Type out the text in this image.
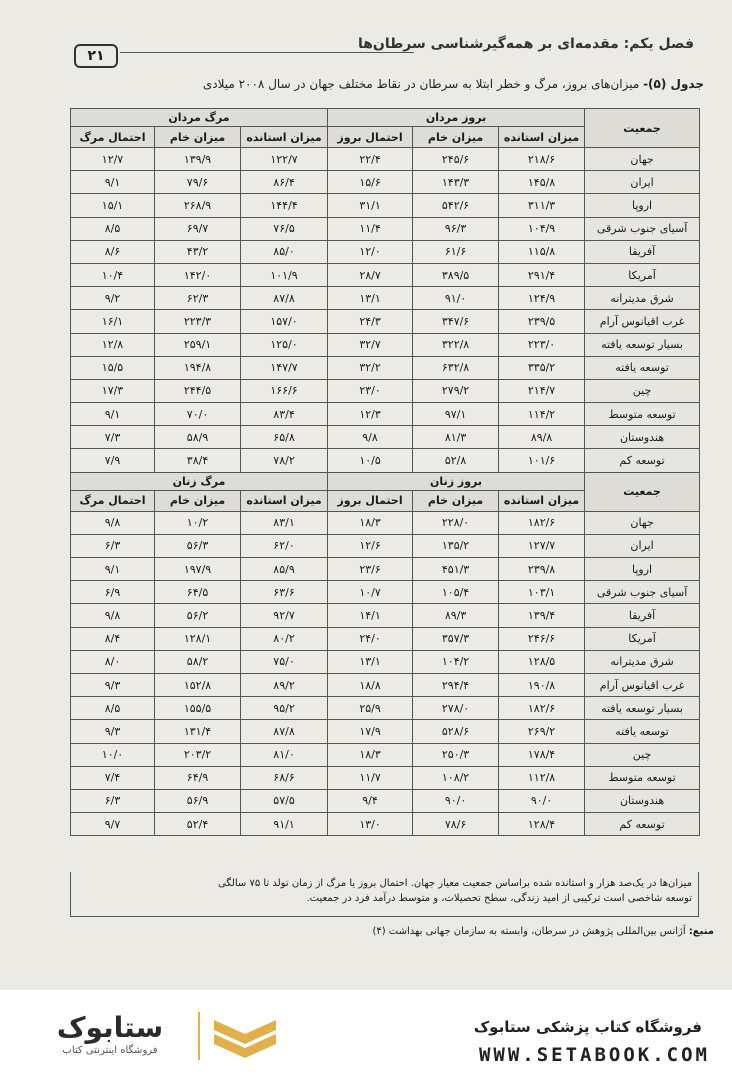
فصل یکم: مقدمه‌ای بر همه‌گیرشناسی سرطان‌ها
۲۱
جدول (۵)- میزان‌های بروز، مرگ و خطر ابتلا به سرطان در نقاط مختلف جهان در سال ۲۰۰۸ میلادی
جمعیت	بروز مردان			مرگ مردان		
	میزان استانده	میزان خام	احتمال بروز	میزان استانده	میزان خام	احتمال مرگ
جهان	۲۱۸/۶	۲۴۵/۶	۲۲/۴	۱۲۲/۷	۱۳۹/۹	۱۲/۷
ایران	۱۴۵/۸	۱۴۳/۳	۱۵/۶	۸۶/۴	۷۹/۶	۹/۱
اروپا	۳۱۱/۳	۵۴۲/۶	۳۱/۱	۱۴۴/۴	۲۶۸/۹	۱۵/۱
آسیای جنوب شرقی	۱۰۴/۹	۹۶/۳	۱۱/۴	۷۶/۵	۶۹/۷	۸/۵
آفریقا	۱۱۵/۸	۶۱/۶	۱۲/۰	۸۵/۰	۴۳/۲	۸/۶
آمریکا	۲۹۱/۴	۳۸۹/۵	۲۸/۷	۱۰۱/۹	۱۴۲/۰	۱۰/۴
شرق مدیترانه	۱۲۴/۹	۹۱/۰	۱۳/۱	۸۷/۸	۶۲/۳	۹/۲
غرب اقیانوس آرام	۲۳۹/۵	۳۴۷/۶	۲۴/۳	۱۵۷/۰	۲۲۳/۳	۱۶/۱
بسیار توسعه یافته	۲۲۳/۰	۳۲۲/۸	۳۲/۷	۱۲۵/۰	۲۵۹/۱	۱۲/۸
توسعه یافته	۳۳۵/۲	۶۳۲/۸	۳۲/۲	۱۴۷/۷	۱۹۴/۸	۱۵/۵
چین	۲۱۴/۷	۲۷۹/۲	۲۳/۰	۱۶۶/۶	۲۴۴/۵	۱۷/۳
توسعه متوسط	۱۱۴/۲	۹۷/۱	۱۲/۳	۸۳/۴	۷۰/۰	۹/۱
هندوستان	۸۹/۸	۸۱/۳	۹/۸	۶۵/۸	۵۸/۹	۷/۳
توسعه کم	۱۰۱/۶	۵۲/۸	۱۰/۵	۷۸/۲	۳۸/۴	۷/۹
جمعیت	بروز زنان			مرگ زنان		
	میزان استانده	میزان خام	احتمال بروز	میزان استانده	میزان خام	احتمال مرگ
جهان	۱۸۲/۶	۲۲۸/۰	۱۸/۳	۸۳/۱	۱۰/۲	۹/۸
ایران	۱۲۷/۷	۱۳۵/۲	۱۲/۶	۶۲/۰	۵۶/۳	۶/۳
اروپا	۲۳۹/۸	۴۵۱/۳	۲۳/۶	۸۵/۹	۱۹۷/۹	۹/۱
آسیای جنوب شرقی	۱۰۳/۱	۱۰۵/۴	۱۰/۷	۶۳/۶	۶۴/۵	۶/۹
آفریقا	۱۳۹/۴	۸۹/۳	۱۴/۱	۹۲/۷	۵۶/۲	۹/۸
آمریکا	۲۴۶/۶	۳۵۷/۳	۲۴/۰	۸۰/۲	۱۲۸/۱	۸/۴
شرق مدیترانه	۱۲۸/۵	۱۰۴/۲	۱۳/۱	۷۵/۰	۵۸/۲	۸/۰
غرب اقیانوس آرام	۱۹۰/۸	۲۹۴/۴	۱۸/۸	۸۹/۲	۱۵۲/۸	۹/۳
بسیار توسعه یافته	۱۸۲/۶	۲۷۸/۰	۲۵/۹	۹۵/۲	۱۵۵/۵	۸/۵
توسعه یافته	۲۶۹/۲	۵۲۸/۶	۱۷/۹	۸۷/۸	۱۳۱/۴	۹/۳
چین	۱۷۸/۴	۲۵۰/۳	۱۸/۳	۸۱/۰	۲۰۳/۲	۱۰/۰
توسعه متوسط	۱۱۲/۸	۱۰۸/۲	۱۱/۷	۶۸/۶	۶۴/۹	۷/۴
هندوستان	۹۰/۰	۹۰/۰	۹/۴	۵۷/۵	۵۶/۹	۶/۳
توسعه کم	۱۲۸/۴	۷۸/۶	۱۳/۰	۹۱/۱	۵۲/۴	۹/۷
میزان‌ها در یک‌صد هزار و استانده شده براساس جمعیت معیار جهان. احتمال بروز یا مرگ از زمان تولد تا ۷۵ سالگی
توسعه شاخصی است ترکیبی از امید زندگی، سطح تحصیلات، و متوسط درآمد فرد در جمعیت.
منبع: آژانس بین‌المللی پژوهش در سرطان، وابسته به سازمان جهانی بهداشت (۴)
ستابوک
فروشگاه اینترنتی کتاب
فروشگاه کتاب پزشکی ستابوک
WWW.SETABOOK.COM
